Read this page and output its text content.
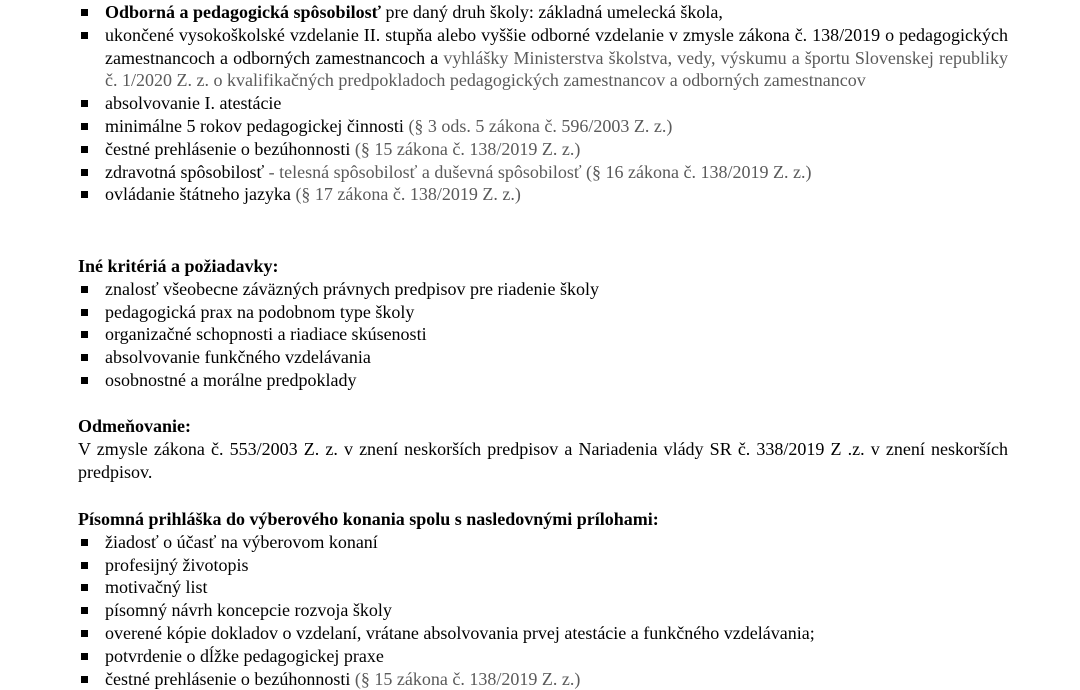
Odborná a pedagogická spôsobilosť pre daný druh školy: základná umelecká škola,
ukončené vysokoškolské vzdelanie II. stupňa alebo vyššie odborné vzdelanie v zmysle zákona č. 138/2019 o pedagogických zamestnancoch a odborných zamestnancoch a vyhlášky Ministerstva školstva, vedy, výskumu a športu Slovenskej republiky č. 1/2020 Z. z. o kvalifikačných predpokladoch pedagogických zamestnancov a odborných zamestnancov
absolvovanie I. atestácie
minimálne 5 rokov pedagogickej činnosti (§ 3 ods. 5 zákona č. 596/2003 Z. z.)
čestné prehlásenie o bezúhonnosti (§ 15 zákona č. 138/2019 Z. z.)
zdravotná spôsobilosť - telesná spôsobilosť a duševná spôsobilosť (§ 16 zákona č. 138/2019 Z. z.)
ovládanie štátneho jazyka (§ 17 zákona č. 138/2019 Z. z.)

Iné kritériá a požiadavky:

znalosť všeobecne záväzných právnych predpisov pre riadenie školy
pedagogická prax na podobnom type školy
organizačné schopnosti a riadiace skúsenosti
absolvovanie funkčného vzdelávania
osobnostné a morálne predpoklady

Odmeňovanie:

V zmysle zákona č. 553/2003 Z. z. v znení neskorších predpisov a Nariadenia vlády SR č. 338/2019 Z .z. v znení neskorších predpisov.

Písomná prihláška do výberového konania spolu s nasledovnými prílohami:

žiadosť o účasť na výberovom konaní
profesijný životopis
motivačný list
písomný návrh koncepcie rozvoja školy
overené kópie dokladov o vzdelaní, vrátane absolvovania prvej atestácie a funkčného vzdelávania;
potvrdenie o dĺžke pedagogickej praxe
čestné prehlásenie o bezúhonnosti (§ 15 zákona č. 138/2019 Z. z.)
